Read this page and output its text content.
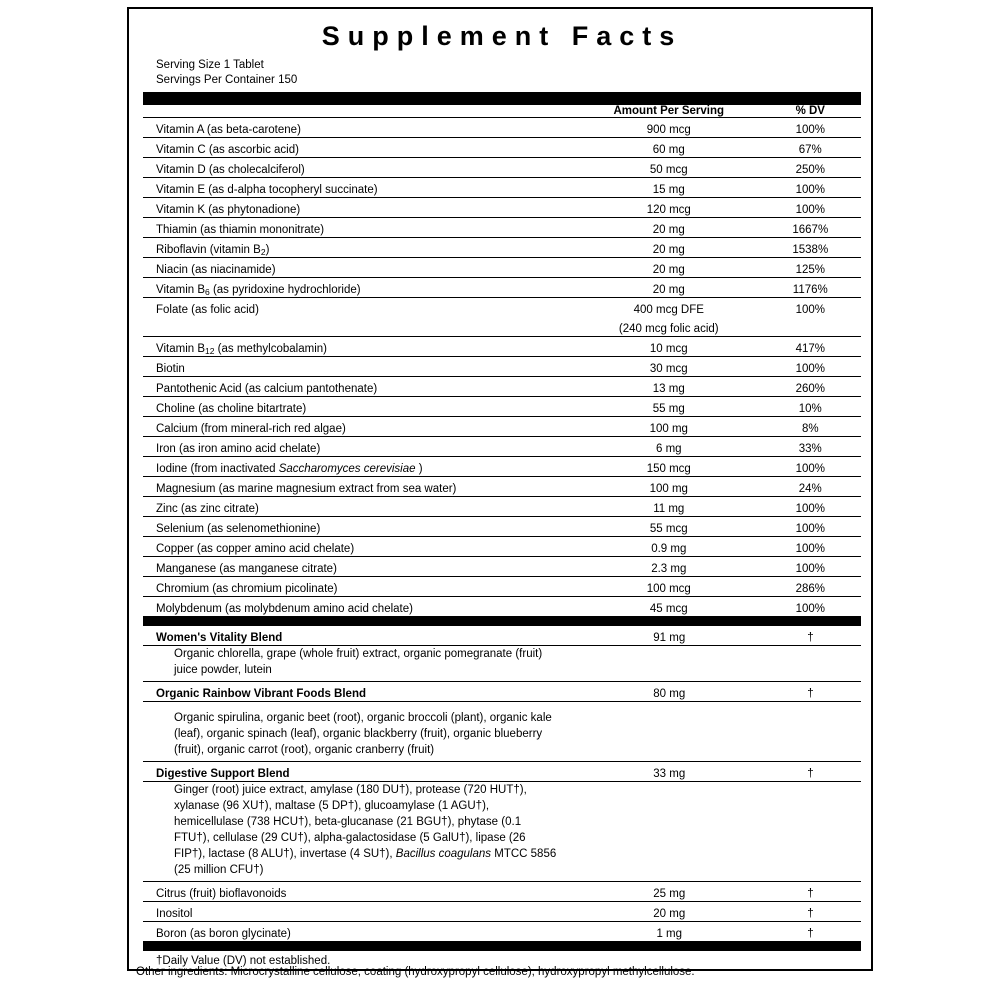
Supplement Facts
Serving Size 1 Tablet
Servings Per Container 150
	Amount Per Serving	% DV
Vitamin A (as beta-carotene)	900 mcg	100%
Vitamin C (as ascorbic acid)	60 mg	67%
Vitamin D (as cholecalciferol)	50 mcg	250%
Vitamin E (as d-alpha tocopheryl succinate)	15 mg	100%
Vitamin K (as phytonadione)	120 mcg	100%
Thiamin (as thiamin mononitrate)	20 mg	1667%
Riboflavin (vitamin B2)	20 mg	1538%
Niacin (as niacinamide)	20 mg	125%
Vitamin B6 (as pyridoxine hydrochloride)	20 mg	1176%
Folate (as folic acid)	400 mcg DFE	100%
	(240 mcg folic acid)	
Vitamin B12 (as methylcobalamin)	10 mcg	417%
Biotin	30 mcg	100%
Pantothenic Acid (as calcium pantothenate)	13 mg	260%
Choline (as choline bitartrate)	55 mg	10%
Calcium (from mineral-rich red algae)	100 mg	8%
Iron (as iron amino acid chelate)	6 mg	33%
Iodine (from inactivated Saccharomyces cerevisiae )	150 mcg	100%
Magnesium (as marine magnesium extract from sea water)	100 mg	24%
Zinc (as zinc citrate)	11 mg	100%
Selenium (as selenomethionine)	55 mcg	100%
Copper (as copper amino acid chelate)	0.9 mg	100%
Manganese (as manganese citrate)	2.3 mg	100%
Chromium (as chromium picolinate)	100 mcg	286%
Molybdenum (as molybdenum amino acid chelate)	45 mcg	100%
Women's Vitality Blend	91 mg	†
Organic chlorella, grape (whole fruit) extract, organic pomegranate (fruit)		
juice powder, lutein		
Organic Rainbow Vibrant Foods Blend	80 mg	†

Organic spirulina, organic beet (root), organic broccoli (plant), organic kale		
(leaf), organic spinach (leaf), organic blackberry (fruit), organic blueberry		
(fruit), organic carrot (root), organic cranberry (fruit)		
Digestive Support Blend	33 mg	†
Ginger (root) juice extract, amylase (180 DU†), protease (720 HUT†),		
xylanase (96 XU†), maltase (5 DP†), glucoamylase (1 AGU†),		
hemicellulase (738 HCU†), beta-glucanase (21 BGU†), phytase (0.1		
FTU†), cellulase (29 CU†), alpha-galactosidase (5 GalU†), lipase (26		
FIP†), lactase (8 ALU†), invertase (4 SU†), Bacillus coagulans MTCC 5856		
(25 million CFU†)		
Citrus (fruit) bioflavonoids	25 mg	†
Inositol	20 mg	†
Boron (as boron glycinate)	1 mg	†
†Daily Value (DV) not established.
Other ingredients: Microcrystalline cellulose, coating (hydroxypropyl cellulose), hydroxypropyl methylcellulose.
